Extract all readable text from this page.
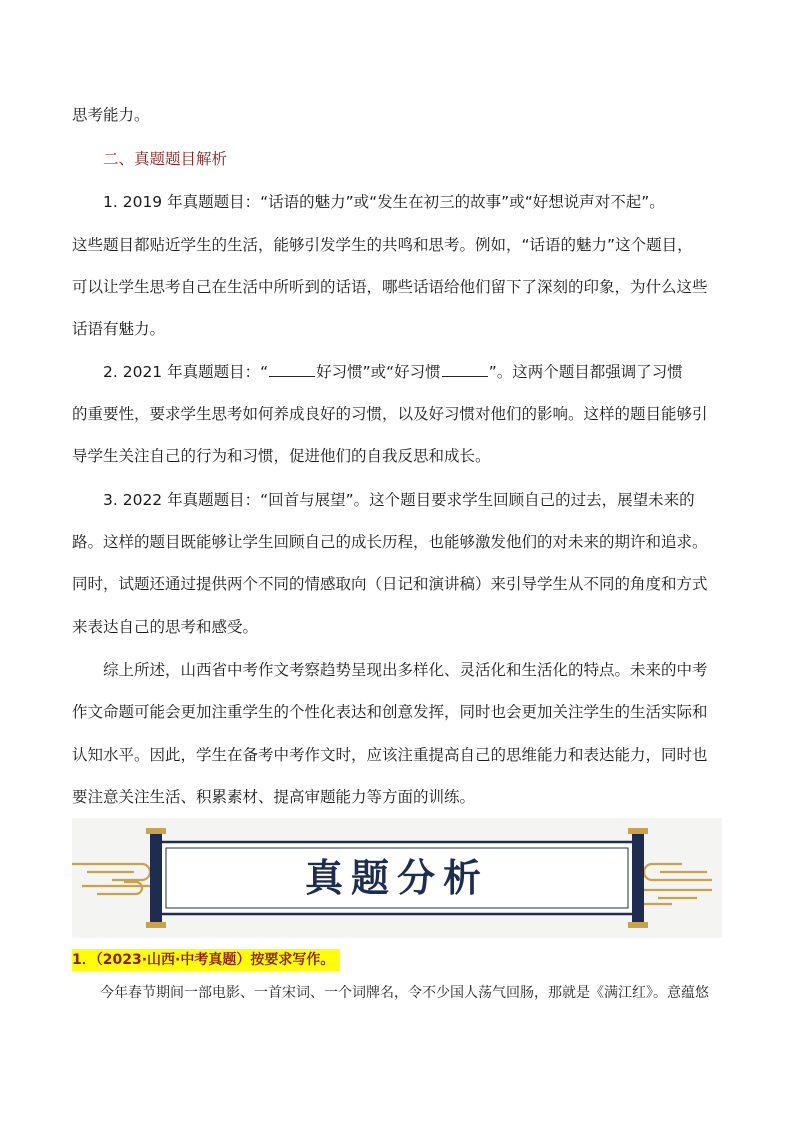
思考能力。
二、真题题目解析
1. 2019 年真题题目：“话语的魅力”或“发生在初三的故事”或“好想说声对不起”。
这些题目都贴近学生的生活，能够引发学生的共鸣和思考。例如，“话语的魅力”这个题目，
可以让学生思考自己在生活中所听到的话语，哪些话语给他们留下了深刻的印象，为什么这些
话语有魅力。
2. 2021 年真题题目：“	好习惯”或“好习惯	”。这两个题目都强调了习惯
的重要性，要求学生思考如何养成良好的习惯，以及好习惯对他们的影响。这样的题目能够引
导学生关注自己的行为和习惯，促进他们的自我反思和成长。
3. 2022 年真题题目：“回首与展望”。这个题目要求学生回顾自己的过去，展望未来的
路。这样的题目既能够让学生回顾自己的成长历程，也能够激发他们的对未来的期许和追求。
同时，试题还通过提供两个不同的情感取向（日记和演讲稿）来引导学生从不同的角度和方式
来表达自己的思考和感受。
综上所述，山西省中考作文考察趋势呈现出多样化、灵活化和生活化的特点。未来的中考
作文命题可能会更加注重学生的个性化表达和创意发挥，同时也会更加关注学生的生活实际和
认知水平。因此，学生在备考中考作文时，应该注重提高自己的思维能力和表达能力，同时也
要注意关注生活、积累素材、提高审题能力等方面的训练。
真题分析
1．（2023·山西·中考真题）按要求写作。
今年春节期间一部电影、一首宋词、一个词牌名，令不少国人荡气回肠，那就是《满江红》。意蕴悠
